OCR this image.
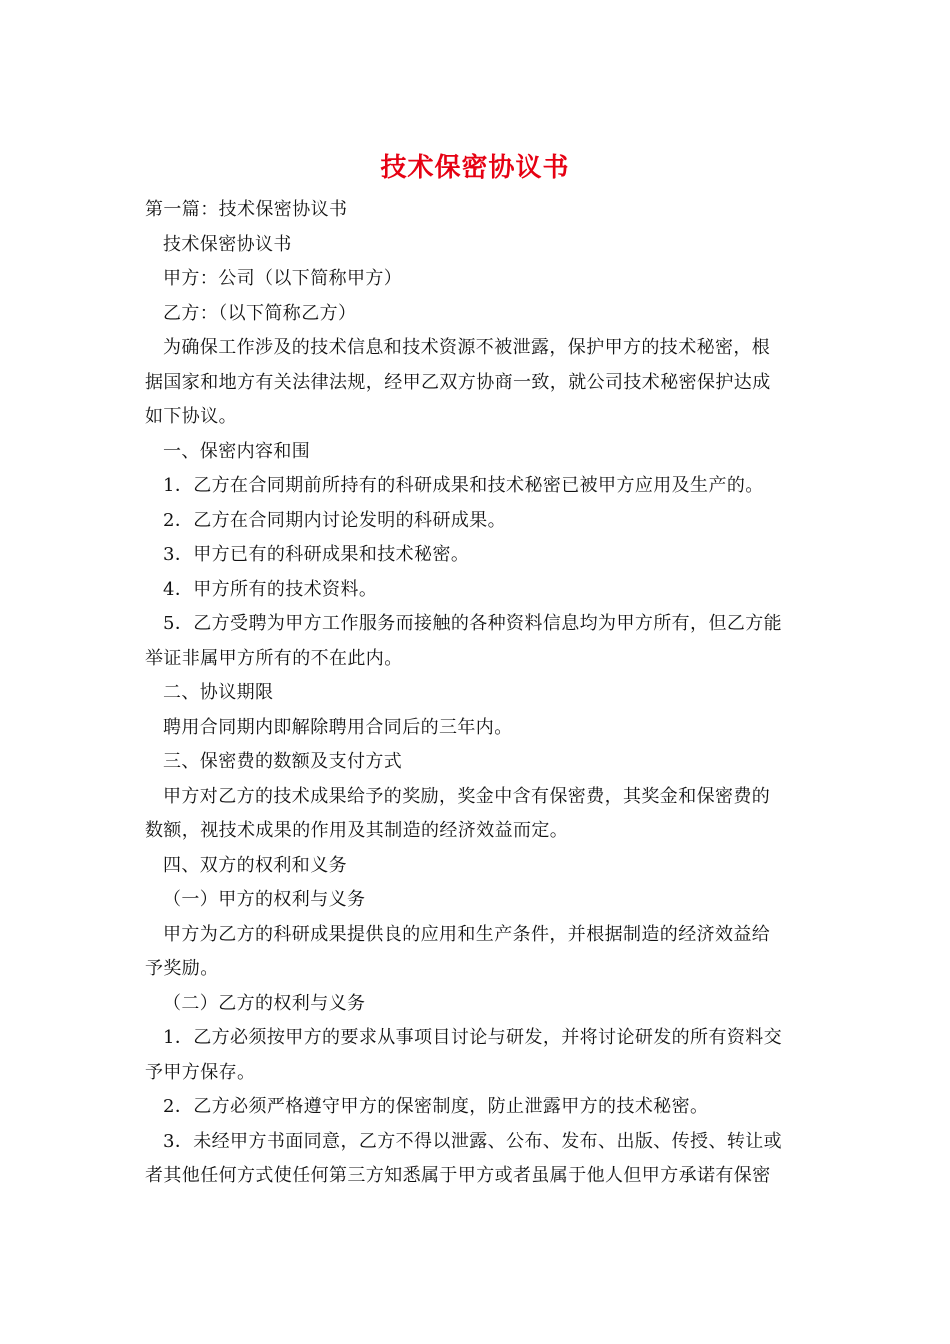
技术保密协议书

第一篇：技术保密协议书

技术保密协议书

甲方：公司（以下简称甲方）

乙方：（以下简称乙方）

为确保工作涉及的技术信息和技术资源不被泄露，保护甲方的技术秘密，根

据国家和地方有关法律法规，经甲乙双方协商一致，就公司技术秘密保护达成

如下协议。

一、保密内容和围

1．乙方在合同期前所持有的科研成果和技术秘密已被甲方应用及生产的。

2．乙方在合同期内讨论发明的科研成果。

3．甲方已有的科研成果和技术秘密。

4．甲方所有的技术资料。

5．乙方受聘为甲方工作服务而接触的各种资料信息均为甲方所有，但乙方能

举证非属甲方所有的不在此内。

二、协议期限

聘用合同期内即解除聘用合同后的三年内。

三、保密费的数额及支付方式

甲方对乙方的技术成果给予的奖励，奖金中含有保密费，其奖金和保密费的

数额，视技术成果的作用及其制造的经济效益而定。

四、双方的权利和义务

（一）甲方的权利与义务

甲方为乙方的科研成果提供良的应用和生产条件，并根据制造的经济效益给

予奖励。

（二）乙方的权利与义务

1．乙方必须按甲方的要求从事项目讨论与研发，并将讨论研发的所有资料交

予甲方保存。

2．乙方必须严格遵守甲方的保密制度，防止泄露甲方的技术秘密。

3．未经甲方书面同意，乙方不得以泄露、公布、发布、出版、传授、转让或

者其他任何方式使任何第三方知悉属于甲方或者虽属于他人但甲方承诺有保密
